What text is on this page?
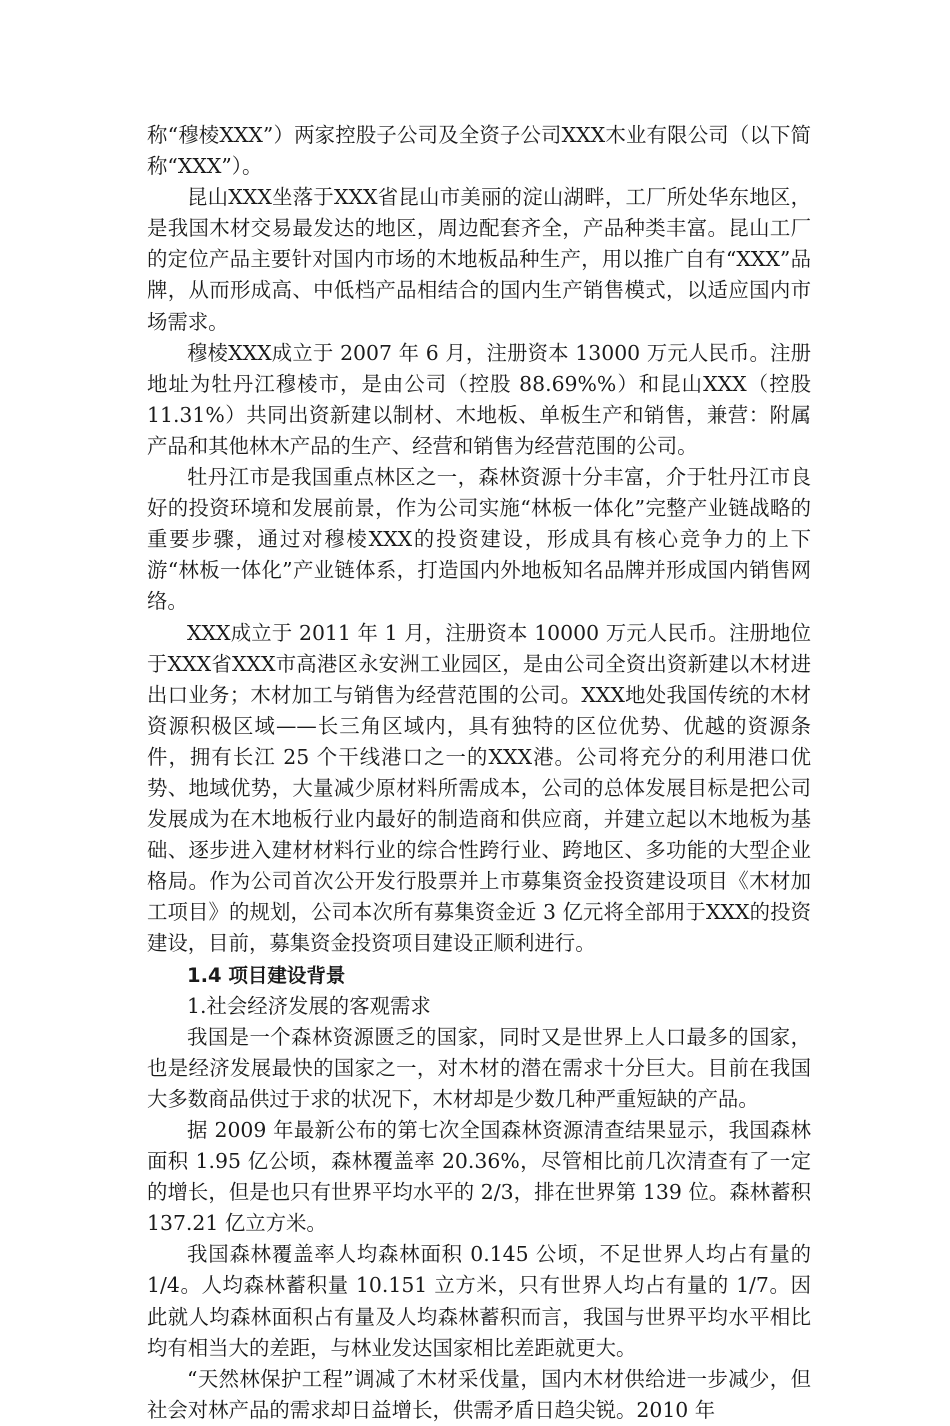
称“穆棱XXX”）两家控股子公司及全资子公司XXX木业有限公司（以下简称“XXX”）。

昆山XXX坐落于XXX省昆山市美丽的淀山湖畔，工厂所处华东地区，是我国木材交易最发达的地区，周边配套齐全，产品种类丰富。昆山工厂的定位产品主要针对国内市场的木地板品种生产，用以推广自有“XXX”品牌，从而形成高、中低档产品相结合的国内生产销售模式，以适应国内市场需求。

穆棱XXX成立于 2007 年 6 月，注册资本 13000 万元人民币。注册地址为牡丹江穆棱市，是由公司（控股 88.69%%）和昆山XXX（控股 11.31%）共同出资新建以制材、木地板、单板生产和销售，兼营：附属产品和其他林木产品的生产、经营和销售为经营范围的公司。

牡丹江市是我国重点林区之一，森林资源十分丰富，介于牡丹江市良好的投资环境和发展前景，作为公司实施“林板一体化”完整产业链战略的重要步骤，通过对穆棱XXX的投资建设，形成具有核心竞争力的上下游“林板一体化”产业链体系，打造国内外地板知名品牌并形成国内销售网络。

XXX成立于 2011 年 1 月，注册资本 10000 万元人民币。注册地位于XXX省XXX市高港区永安洲工业园区，是由公司全资出资新建以木材进出口业务；木材加工与销售为经营范围的公司。XXX地处我国传统的木材资源积极区域——长三角区域内，具有独特的区位优势、优越的资源条件，拥有长江 25 个干线港口之一的XXX港。公司将充分的利用港口优势、地域优势，大量减少原材料所需成本，公司的总体发展目标是把公司发展成为在木地板行业内最好的制造商和供应商，并建立起以木地板为基础、逐步进入建材材料行业的综合性跨行业、跨地区、多功能的大型企业格局。作为公司首次公开发行股票并上市募集资金投资建设项目《木材加工项目》的规划，公司本次所有募集资金近 3 亿元将全部用于XXX的投资建设，目前，募集资金投资项目建设正顺利进行。

1.4 项目建设背景

1.社会经济发展的客观需求

我国是一个森林资源匮乏的国家，同时又是世界上人口最多的国家，也是经济发展最快的国家之一，对木材的潜在需求十分巨大。目前在我国大多数商品供过于求的状况下，木材却是少数几种严重短缺的产品。

据 2009 年最新公布的第七次全国森林资源清查结果显示，我国森林面积 1.95 亿公顷，森林覆盖率 20.36%，尽管相比前几次清查有了一定的增长，但是也只有世界平均水平的 2/3，排在世界第 139 位。森林蓄积 137.21 亿立方米。

我国森林覆盖率人均森林面积 0.145 公顷，不足世界人均占有量的 1/4。人均森林蓄积量 10.151 立方米，只有世界人均占有量的 1/7。因此就人均森林面积占有量及人均森林蓄积而言，我国与世界平均水平相比均有相当大的差距，与林业发达国家相比差距就更大。

“天然林保护工程”调减了木材采伐量，国内木材供给进一步减少，但社会对林产品的需求却日益增长，供需矛盾日趋尖锐。2010 年
